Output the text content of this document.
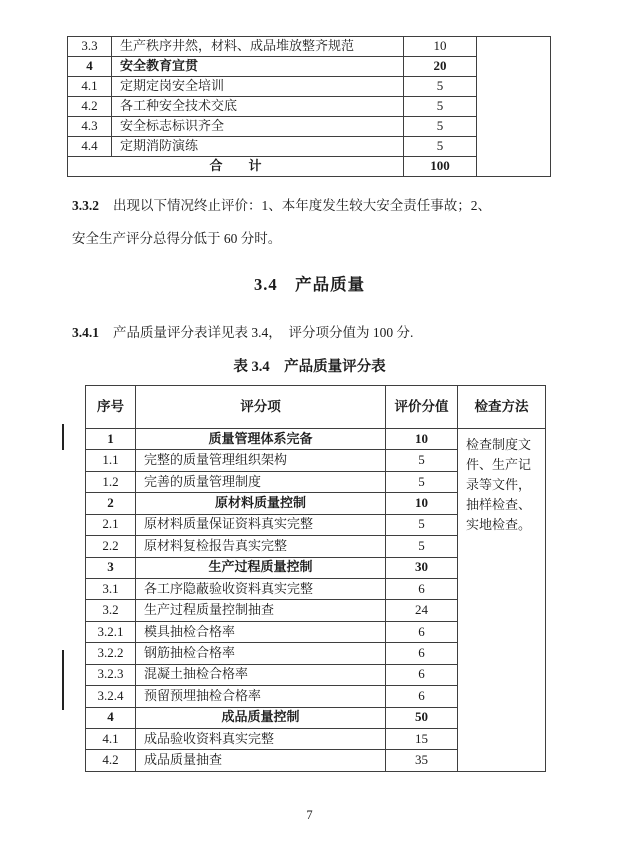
3.3	生产秩序井然，材料、成品堆放整齐规范	10	
4	安全教育宜贯	20	
4.1	定期定岗安全培训	5	
4.2	各工种安全技术交底	5	
4.3	安全标志标识齐全	5	
4.4	定期消防演练	5	
合　　计		100	
3.3.2 出现以下情况终止评价：1、本年度发生较大安全责任事故；2、
安全生产评分总得分低于 60 分时。
3.4　产品质量
3.4.1 产品质量评分表详见表 3.4，　评分项分值为 100 分.
表 3.4　产品质量评分表
序号	评分项	评价分值	检查方法
1	质量管理体系完备	10	检查制度文件、生产记录等文件，抽样检查、实地检查。
1.1	完整的质量管理组织架构	5	
1.2	完善的质量管理制度	5	
2	原材料质量控制	10	
2.1	原材料质量保证资料真实完整	5	
2.2	原材料复检报告真实完整	5	
3	生产过程质量控制	30	
3.1	各工序隐蔽验收资料真实完整	6	
3.2	生产过程质量控制抽查	24	
3.2.1	模具抽检合格率	6	
3.2.2	钢筋抽检合格率	6	
3.2.3	混凝土抽检合格率	6	
3.2.4	预留预埋抽检合格率	6	
4	成品质量控制	50	
4.1	成品验收资料真实完整	15	
4.2	成品质量抽查	35	
7
